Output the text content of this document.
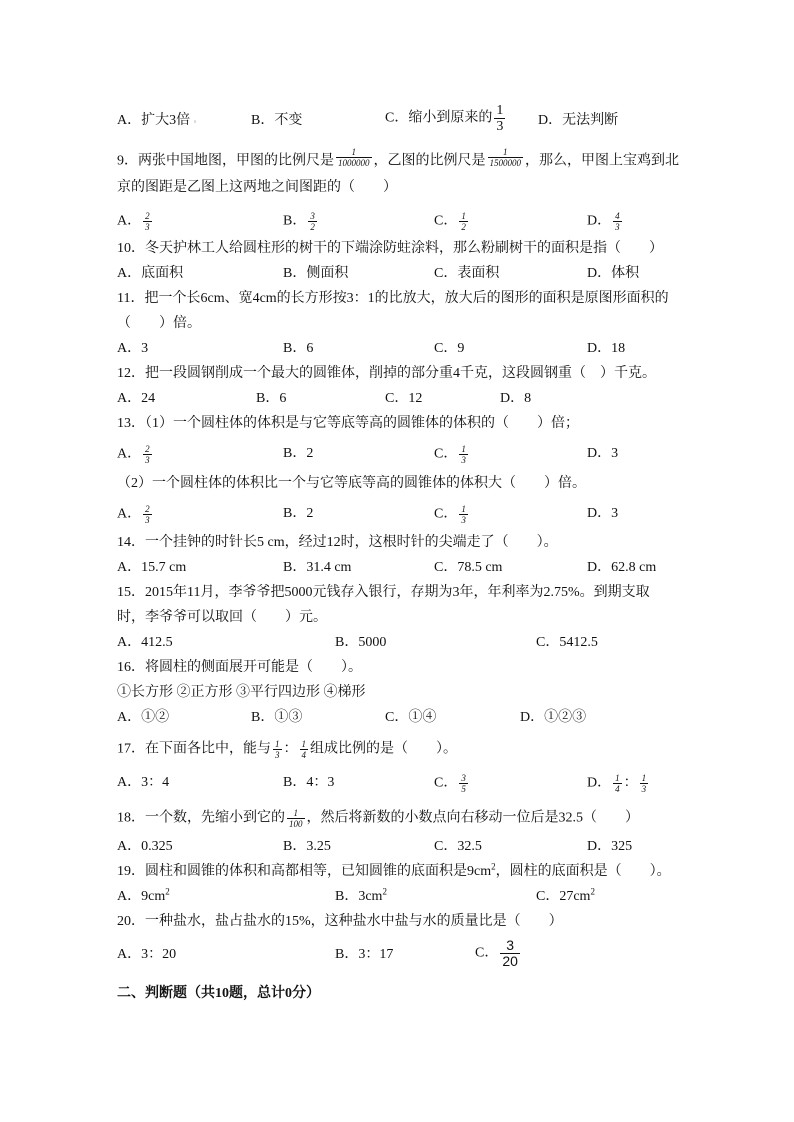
A．扩大3倍 ◦	B．不变	C．缩小到原来的 $\frac{1}{3}$ D．无法判断
9．两张中国地图，甲图的比例尺是 $\frac{1}{1000000}$ ，乙图的比例尺是 $\frac{1}{1500000}$ ，那么，甲图上宝鸡到北
京的图距是乙图上这两地之间图距的（　　）
A． $\frac{2}{3}$	B． $\frac{3}{2}$	C． $\frac{1}{2}$	D． $\frac{4}{3}$
10．冬天护林工人给圆柱形的树干的下端涂防蛀涂料，那么粉刷树干的面积是指（　　）
A．底面积	B．侧面积	C．表面积	D．体积
11．把一个长6cm、宽4cm的长方形按3：1的比放大，放大后的图形的面积是原图形面积的
（　　）倍。
A．3	B．6	C．9	D．18
12．把一段圆钢削成一个最大的圆锥体，削掉的部分重4千克，这段圆钢重（　）千克。
A．24	B．6	C．12	D．8
13．（1）一个圆柱体的体积是与它等底等高的圆锥体的体积的（　　）倍；
A． $\frac{2}{3}$	B．2	C． $\frac{1}{3}$	D．3
（2）一个圆柱体的体积比一个与它等底等高的圆锥体的体积大（　　）倍。
A． $\frac{2}{3}$	B．2	C． $\frac{1}{3}$	D．3
14．一个挂钟的时针长5 cm，经过12时，这根时针的尖端走了（　　）。
A．15.7 cm	B．31.4 cm	C．78.5 cm	D．62.8 cm
15．2015年11月，李爷爷把5000元钱存入银行，存期为3年，年利率为2.75%。到期支取
时，李爷爷可以取回（　　）元。
A．412.5	B．5000	C．5412.5
16．将圆柱的侧面展开可能是（　　）。
①长方形 ②正方形 ③平行四边形 ④梯形
A．①②	B．①③	C．①④	D．①②③
17．在下面各比中，能与 $\frac{1}{3}$ ： $\frac{1}{4}$ 组成比例的是（　　）。
A．3：4	B．4：3	C． $\frac{3}{5}$	D． $\frac{1}{4}$ ： $\frac{1}{3}$
18．一个数，先缩小到它的 $\frac{1}{100}$ ，然后将新数的小数点向右移动一位后是32.5（　　）
A．0.325	B．3.25	C．32.5	D．325
19．圆柱和圆锥的体积和高都相等，已知圆锥的底面积是$9cm^2$，圆柱的底面积是（　　）。
A．$9cm^2$	B．$3cm^2$	C．$27cm^2$
20．一种盐水，盐占盐水的15%，这种盐水中盐与水的质量比是（　　）
A．3：20	B．3：17	C． $\frac{3}{20}$
二、判断题（共10题，总计0分）
